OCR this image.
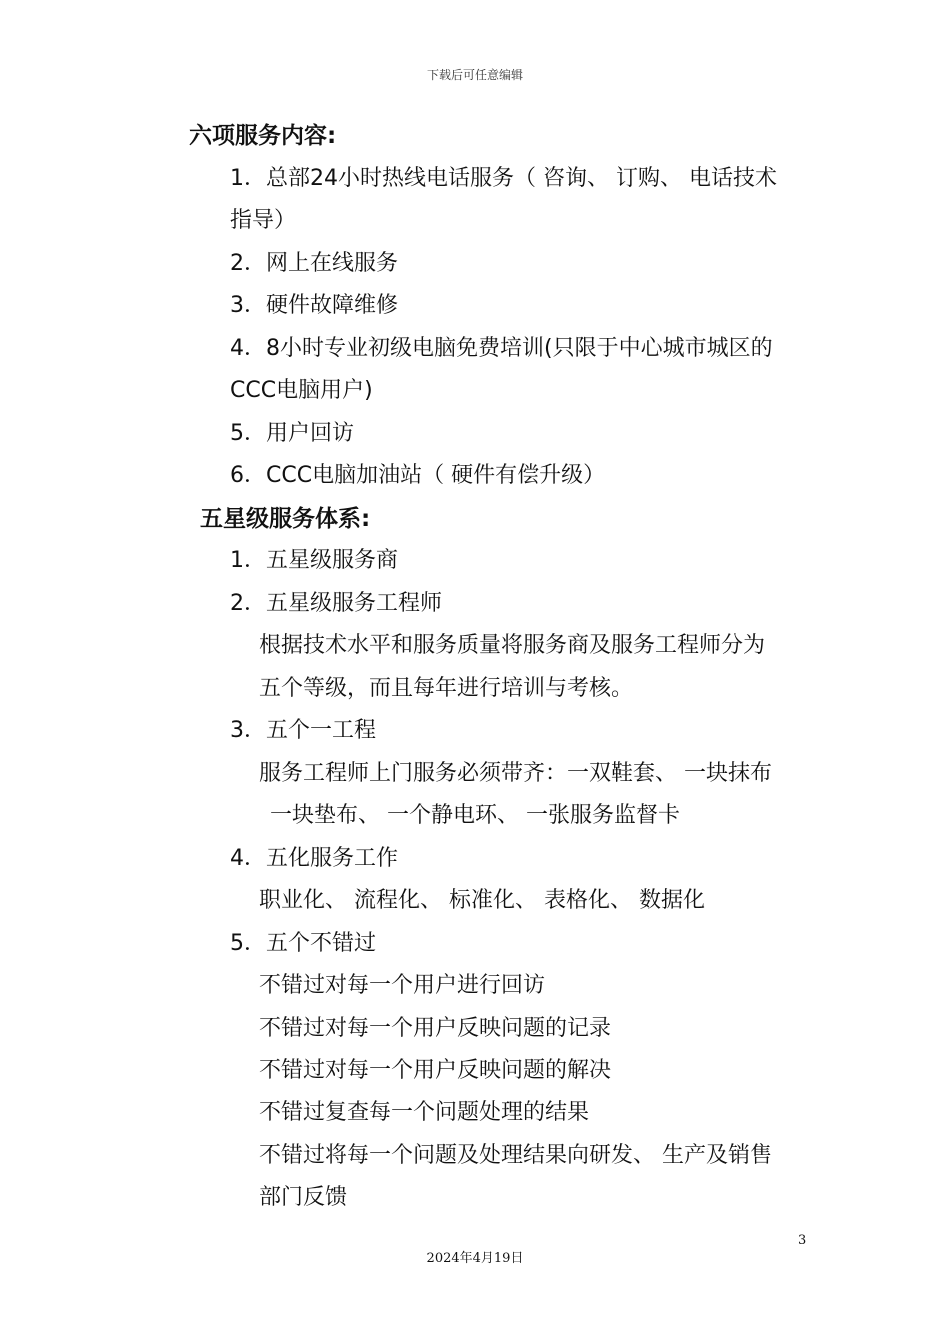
下载后可任意编辑
六项服务内容:
1．总部24小时热线电话服务（ 咨询、 订购、 电话技术
指导）
2．网上在线服务
3．硬件故障维修
4．8小时专业初级电脑免费培训(只限于中心城市城区的
CCC电脑用户)
5．用户回访
6．CCC电脑加油站（ 硬件有偿升级）
五星级服务体系:
1．五星级服务商
2．五星级服务工程师
根据技术水平和服务质量将服务商及服务工程师分为
五个等级，而且每年进行培训与考核。
3．五个一工程
服务工程师上门服务必须带齐：一双鞋套、 一块抹布
一块垫布、 一个静电环、 一张服务监督卡
4．五化服务工作
职业化、 流程化、 标准化、 表格化、 数据化
5．五个不错过
不错过对每一个用户进行回访
不错过对每一个用户反映问题的记录
不错过对每一个用户反映问题的解决
不错过复查每一个问题处理的结果
不错过将每一个问题及处理结果向研发、 生产及销售
部门反馈
3
2024年4月19日
